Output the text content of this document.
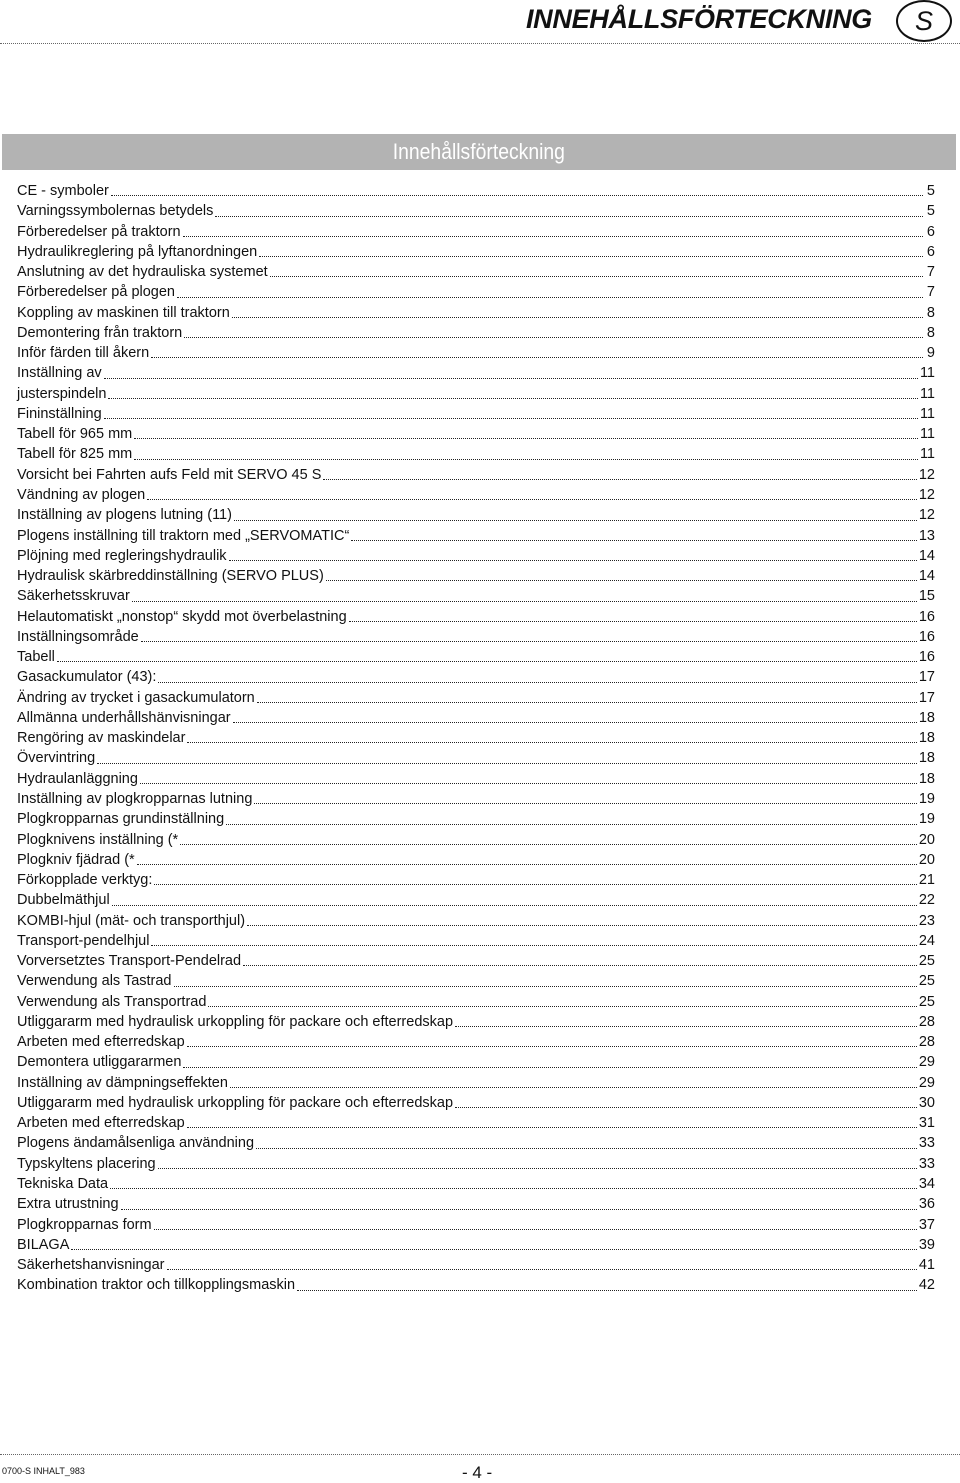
INNEHÅLLSFÖRTECKNING	S
Innehållsförteckning
CE - symboler	5
Varningssymbolernas betydels	5
Förberedelser på traktorn	6
Hydraulikreglering på lyftanordningen	6
Anslutning av det hydrauliska systemet	7
Förberedelser på plogen	7
Koppling av maskinen till traktorn	8
Demontering från traktorn	8
Inför färden till åkern	9
Inställning av	11
justerspindeln	11
Fininställning	11
Tabell för 965 mm	11
Tabell för 825 mm	11
Vorsicht bei Fahrten aufs Feld mit SERVO 45 S	12
Vändning av plogen	12
Inställning av plogens lutning (11)	12
Plogens inställning till traktorn med „SERVOMATIC“	13
Plöjning med regleringshydraulik	14
Hydraulisk skärbreddinställning (SERVO PLUS)	14
Säkerhetsskruvar	15
Helautomatiskt „nonstop“ skydd mot överbelastning	16
Inställningsområde	16
Tabell	16
Gasackumulator (43):	17
Ändring av trycket i gasackumulatorn	17
Allmänna underhållshänvisningar	18
Rengöring av maskindelar	18
Övervintring	18
Hydraulanläggning	18
Inställning av plogkropparnas lutning	19
Plogkropparnas grundinställning	19
Plogknivens inställning (*	20
Plogkniv fjädrad (*	20
Förkopplade verktyg:	21
Dubbelmäthjul	22
KOMBI-hjul (mät- och transporthjul)	23
Transport-pendelhjul	24
Vorversetztes Transport-Pendelrad	25
Verwendung als Tastrad	25
Verwendung als Transportrad	25
Utliggararm med hydraulisk urkoppling för packare och efterredskap	28
Arbeten med efterredskap	28
Demontera utliggararmen	29
Inställning av dämpningseffekten	29
Utliggararm med hydraulisk urkoppling för packare och efterredskap	30
Arbeten med efterredskap	31
Plogens ändamålsenliga användning	33
Typskyltens placering	33
Tekniska Data	34
Extra utrustning	36
Plogkropparnas form	37
BILAGA	39
Säkerhetshanvisningar	41
Kombination traktor och tillkopplingsmaskin	42
0700-S INHALT_983	- 4 -
